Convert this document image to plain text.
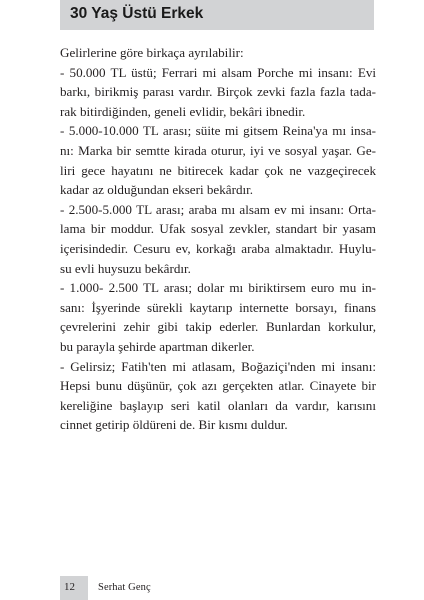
30 Yaş Üstü Erkek
Gelirlerine göre birkaça ayrılabilir:
- 50.000 TL üstü; Ferrari mi alsam Porche mi insanı: Evi
barkı, birikmiş parası vardır. Birçok zevki fazla fazla tada-
rak bitirdiğinden, geneli evlidir, bekâri ibnedir.
- 5.000-10.000 TL arası; süite mi gitsem Reina'ya mı insa-
nı: Marka bir semtte kirada oturur, iyi ve sosyal yaşar. Ge-
liri gece hayatını ne bitirecek kadar çok ne vazgeçirecek
kadar az olduğundan ekseri bekârdır.
- 2.500-5.000 TL arası; araba mı alsam ev mi insanı: Orta-
lama bir moddur. Ufak sosyal zevkler, standart bir yasam
içerisindedir. Cesuru ev, korkağı araba almaktadır. Huylu-
su evli huysuzu bekârdır.
- 1.000- 2.500 TL arası; dolar mı biriktirsem euro mu in-
sanı: İşyerinde sürekli kaytarıp internette borsayı, finans
çevrelerini zehir gibi takip ederler. Bunlardan korkulur,
bu parayla şehirde apartman dikerler.
- Gelirsiz; Fatih'ten mi atlasam, Boğaziçi'nden mi insanı:
Hepsi bunu düşünür, çok azı gerçekten atlar. Cinayete bir
kereliğine başlayıp seri katil olanları da vardır, karısını
cinnet getirip öldüreni de. Bir kısmı duldur.
12 Serhat Genç
